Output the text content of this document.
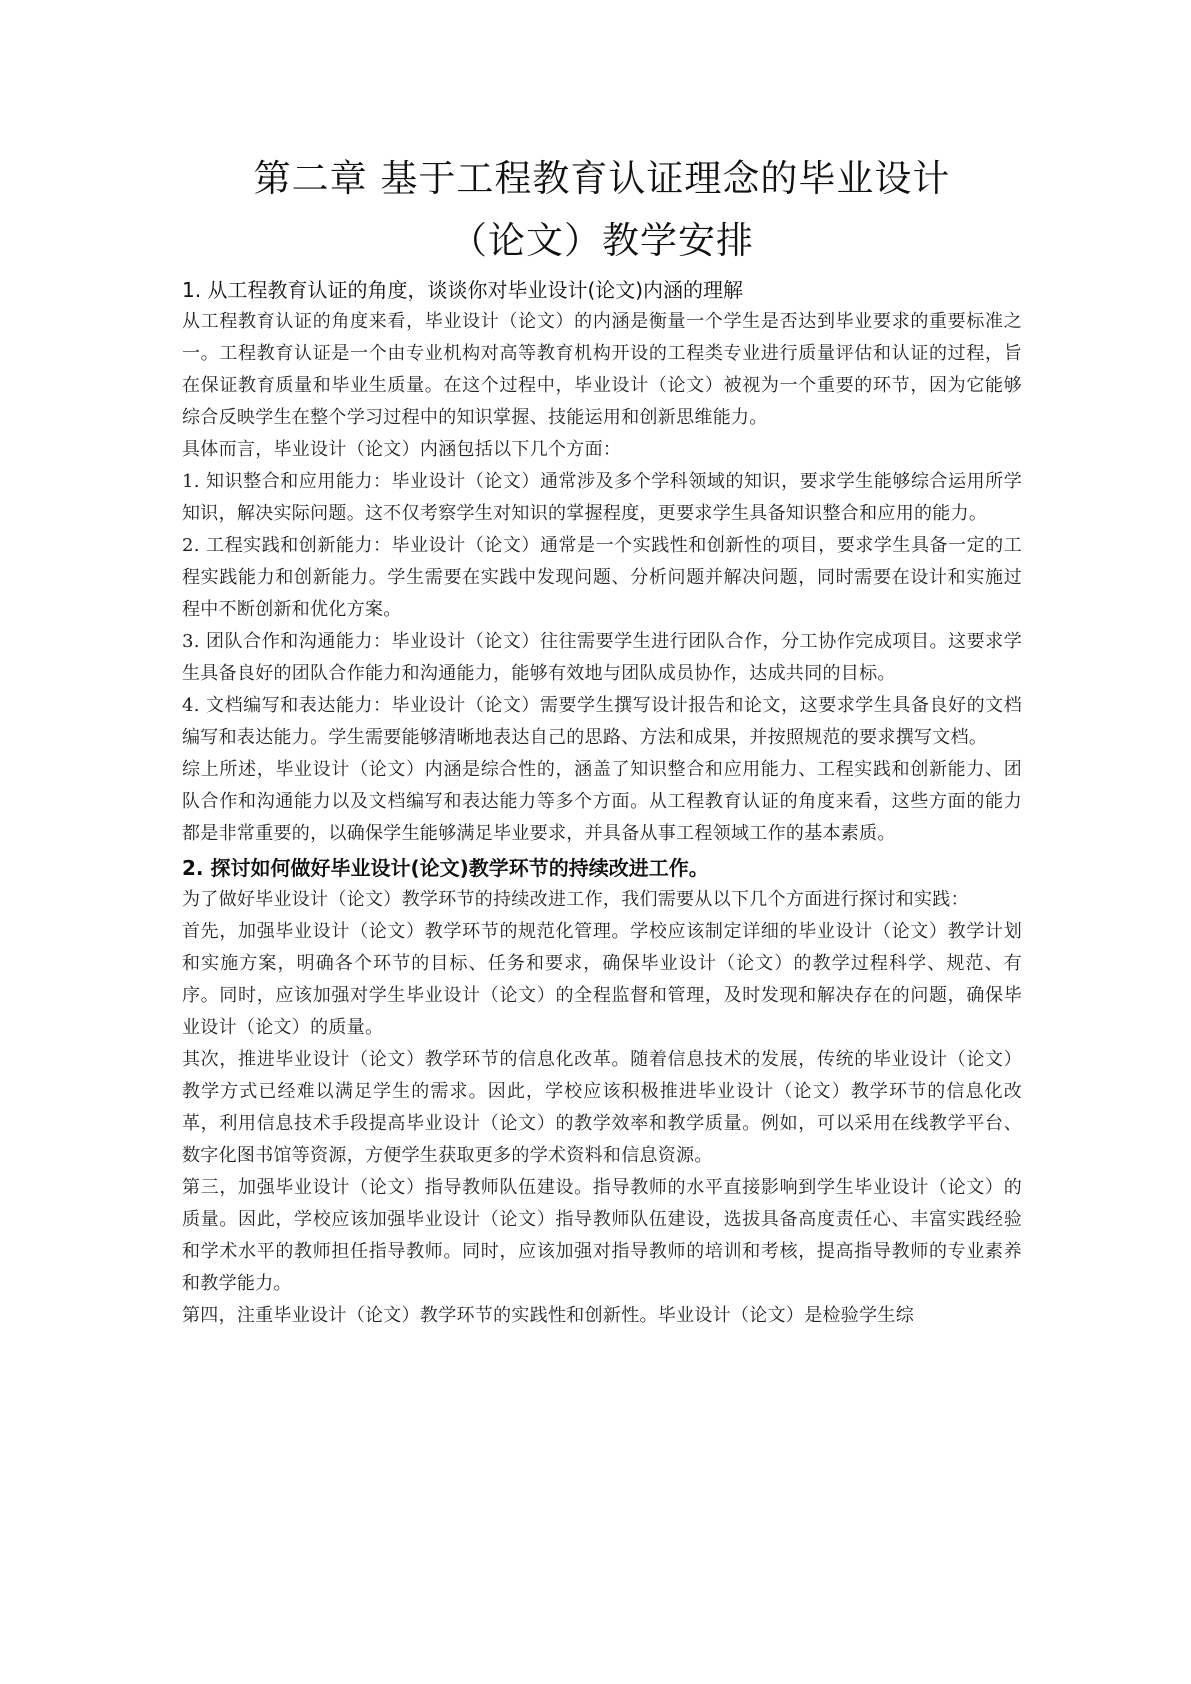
第二章 基于工程教育认证理念的毕业设计
（论文）教学安排
1. 从工程教育认证的角度，谈谈你对毕业设计(论文)内涵的理解

从工程教育认证的角度来看，毕业设计（论文）的内涵是衡量一个学生是否达到毕业要求的重要标准之一。工程教育认证是一个由专业机构对高等教育机构开设的工程类专业进行质量评估和认证的过程，旨在保证教育质量和毕业生质量。在这个过程中，毕业设计（论文）被视为一个重要的环节，因为它能够综合反映学生在整个学习过程中的知识掌握、技能运用和创新思维能力。

具体而言，毕业设计（论文）内涵包括以下几个方面：

1. 知识整合和应用能力：毕业设计（论文）通常涉及多个学科领域的知识，要求学生能够综合运用所学知识，解决实际问题。这不仅考察学生对知识的掌握程度，更要求学生具备知识整合和应用的能力。

2. 工程实践和创新能力：毕业设计（论文）通常是一个实践性和创新性的项目，要求学生具备一定的工程实践能力和创新能力。学生需要在实践中发现问题、分析问题并解决问题，同时需要在设计和实施过程中不断创新和优化方案。

3. 团队合作和沟通能力：毕业设计（论文）往往需要学生进行团队合作，分工协作完成项目。这要求学生具备良好的团队合作能力和沟通能力，能够有效地与团队成员协作，达成共同的目标。

4. 文档编写和表达能力：毕业设计（论文）需要学生撰写设计报告和论文，这要求学生具备良好的文档编写和表达能力。学生需要能够清晰地表达自己的思路、方法和成果，并按照规范的要求撰写文档。

综上所述，毕业设计（论文）内涵是综合性的，涵盖了知识整合和应用能力、工程实践和创新能力、团队合作和沟通能力以及文档编写和表达能力等多个方面。从工程教育认证的角度来看，这些方面的能力都是非常重要的，以确保学生能够满足毕业要求，并具备从事工程领域工作的基本素质。

2. 探讨如何做好毕业设计(论文)教学环节的持续改进工作。

为了做好毕业设计（论文）教学环节的持续改进工作，我们需要从以下几个方面进行探讨和实践：

首先，加强毕业设计（论文）教学环节的规范化管理。学校应该制定详细的毕业设计（论文）教学计划和实施方案，明确各个环节的目标、任务和要求，确保毕业设计（论文）的教学过程科学、规范、有序。同时，应该加强对学生毕业设计（论文）的全程监督和管理，及时发现和解决存在的问题，确保毕业设计（论文）的质量。

其次，推进毕业设计（论文）教学环节的信息化改革。随着信息技术的发展，传统的毕业设计（论文）教学方式已经难以满足学生的需求。因此，学校应该积极推进毕业设计（论文）教学环节的信息化改革，利用信息技术手段提高毕业设计（论文）的教学效率和教学质量。例如，可以采用在线教学平台、数字化图书馆等资源，方便学生获取更多的学术资料和信息资源。

第三，加强毕业设计（论文）指导教师队伍建设。指导教师的水平直接影响到学生毕业设计（论文）的质量。因此，学校应该加强毕业设计（论文）指导教师队伍建设，选拔具备高度责任心、丰富实践经验和学术水平的教师担任指导教师。同时，应该加强对指导教师的培训和考核，提高指导教师的专业素养和教学能力。

第四，注重毕业设计（论文）教学环节的实践性和创新性。毕业设计（论文）是检验学生综
